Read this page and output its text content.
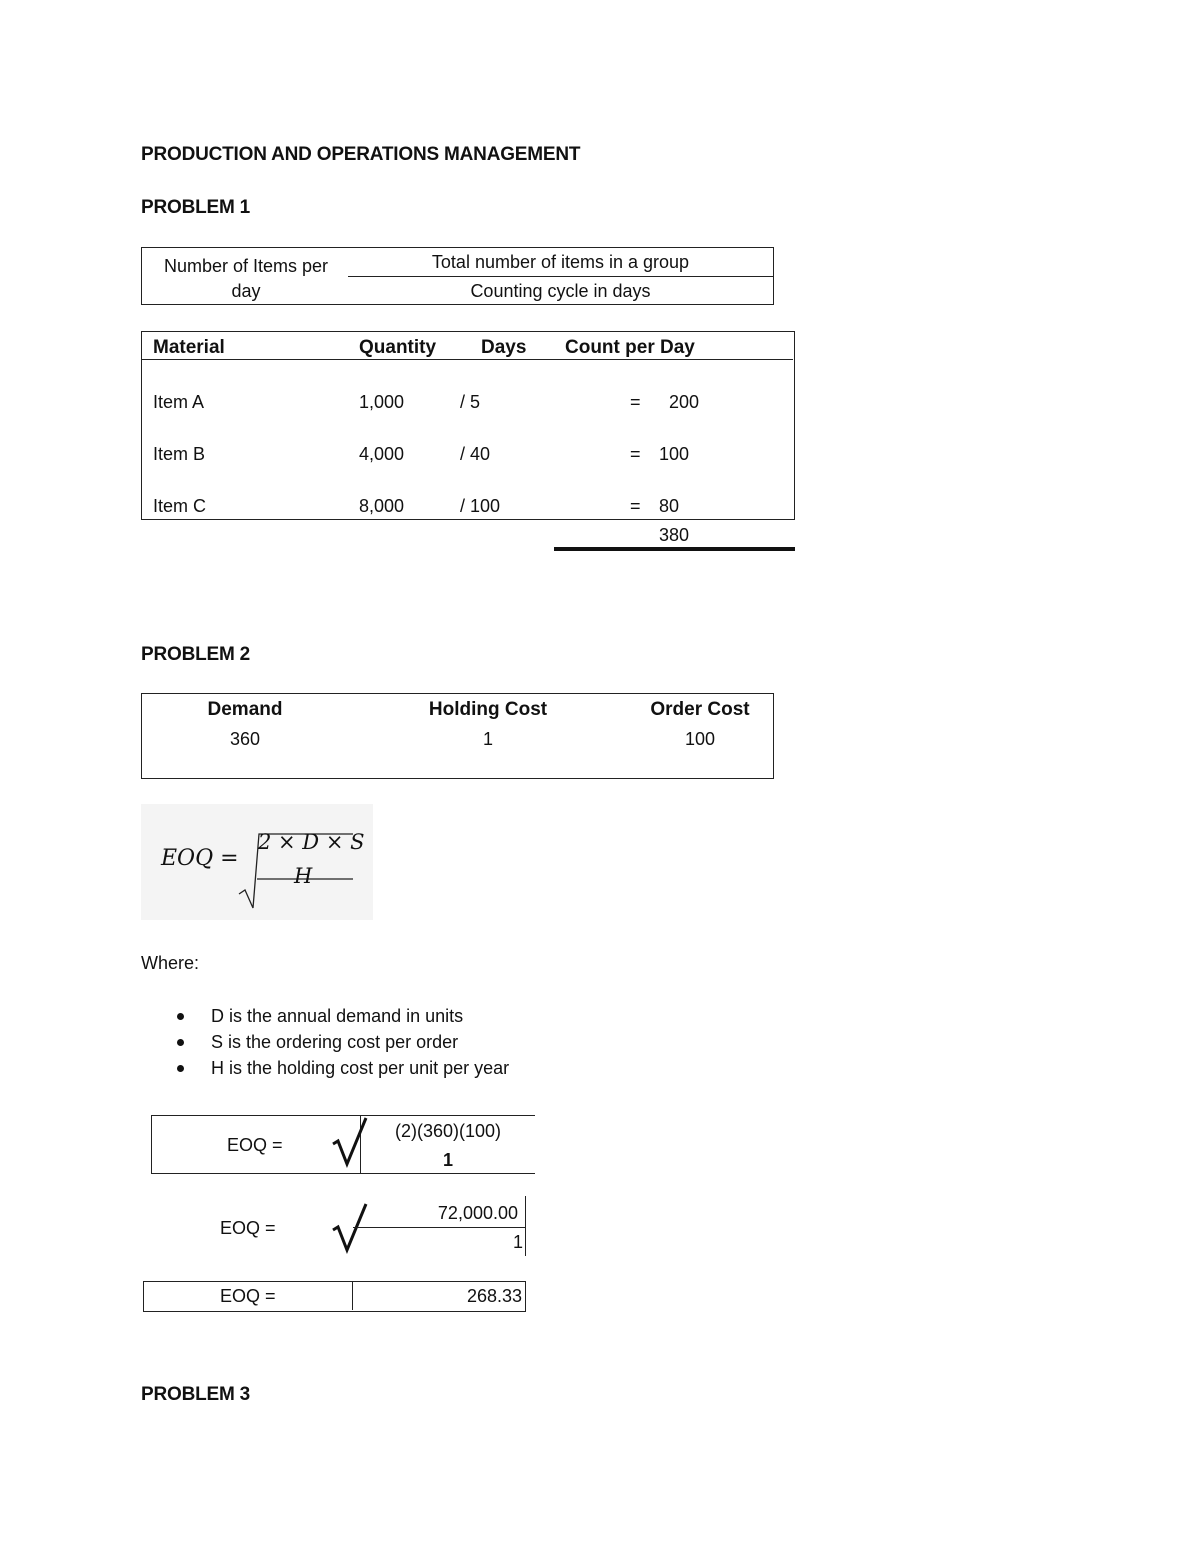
PRODUCTION AND OPERATIONS MANAGEMENT
PROBLEM 1
Number of Items per
day
Total number of items in a group
Counting cycle in days
Material	Quantity Days Count per Day
Item A	1,000	/ 5	= 200
Item B	4,000	/ 40	= 100
Item C	8,000	/ 100	= 80
380
PROBLEM 2
Demand	Holding Cost	Order Cost
360	1	100
EOQ =
2 × D × S
H
Where:
D is the annual demand in units
S is the ordering cost per order
H is the holding cost per unit per year
EOQ =
(2)(360)(100)
1
EOQ =
72,000.00
1
EOQ =	268.33
PROBLEM 3
